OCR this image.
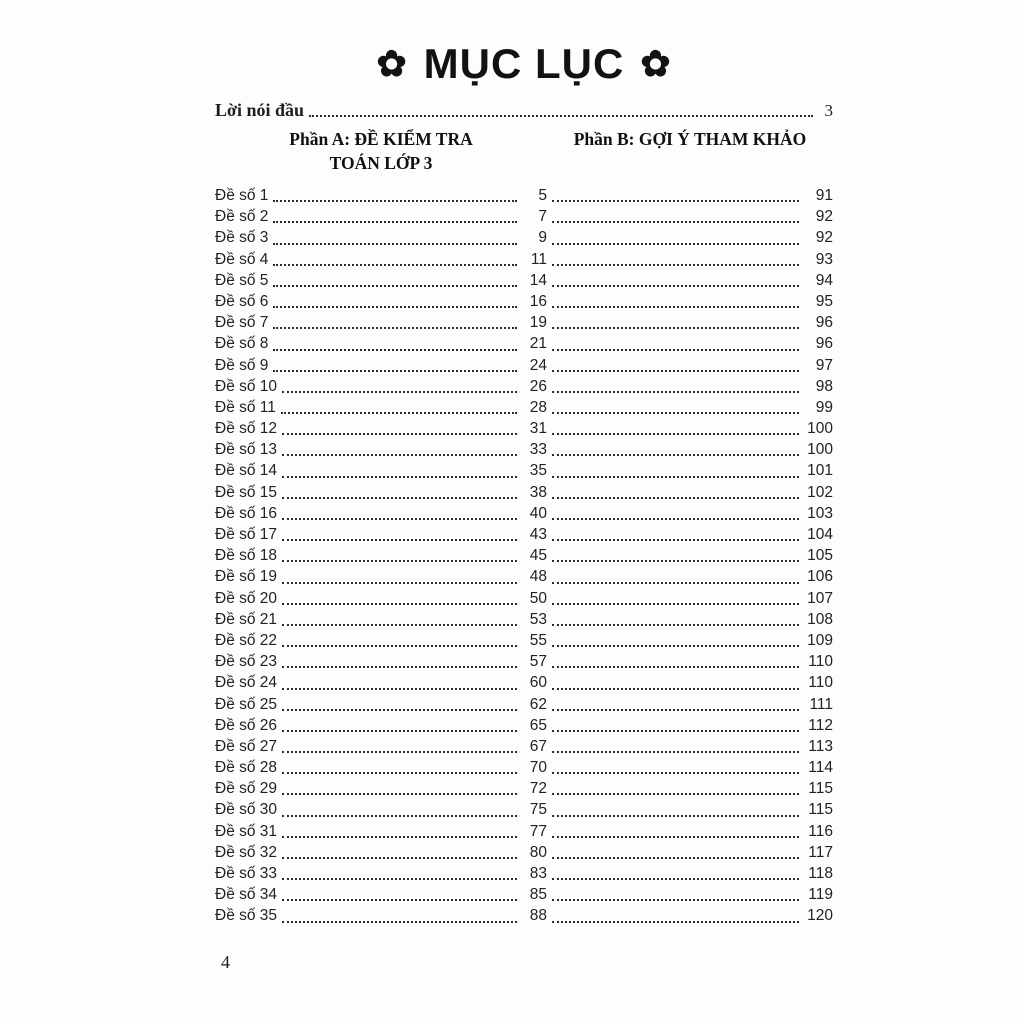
✿ MỤC LỤC ✿
Lời nói đầu	3
Phần A: ĐỀ KIỂM TRA
TOÁN LỚP 3
Phần B: GỢI Ý THAM KHẢO
Đề số 1	5	91
Đề số 2	7	92
Đề số 3	9	92
Đề số 4	11	93
Đề số 5	14	94
Đề số 6	16	95
Đề số 7	19	96
Đề số 8	21	96
Đề số 9	24	97
Đề số 10	26	98
Đề số 11	28	99
Đề số 12	31	100
Đề số 13	33	100
Đề số 14	35	101
Đề số 15	38	102
Đề số 16	40	103
Đề số 17	43	104
Đề số 18	45	105
Đề số 19	48	106
Đề số 20	50	107
Đề số 21	53	108
Đề số 22	55	109
Đề số 23	57	110
Đề số 24	60	110
Đề số 25	62	111
Đề số 26	65	112
Đề số 27	67	113
Đề số 28	70	114
Đề số 29	72	115
Đề số 30	75	115
Đề số 31	77	116
Đề số 32	80	117
Đề số 33	83	118
Đề số 34	85	119
Đề số 35	88	120
4
